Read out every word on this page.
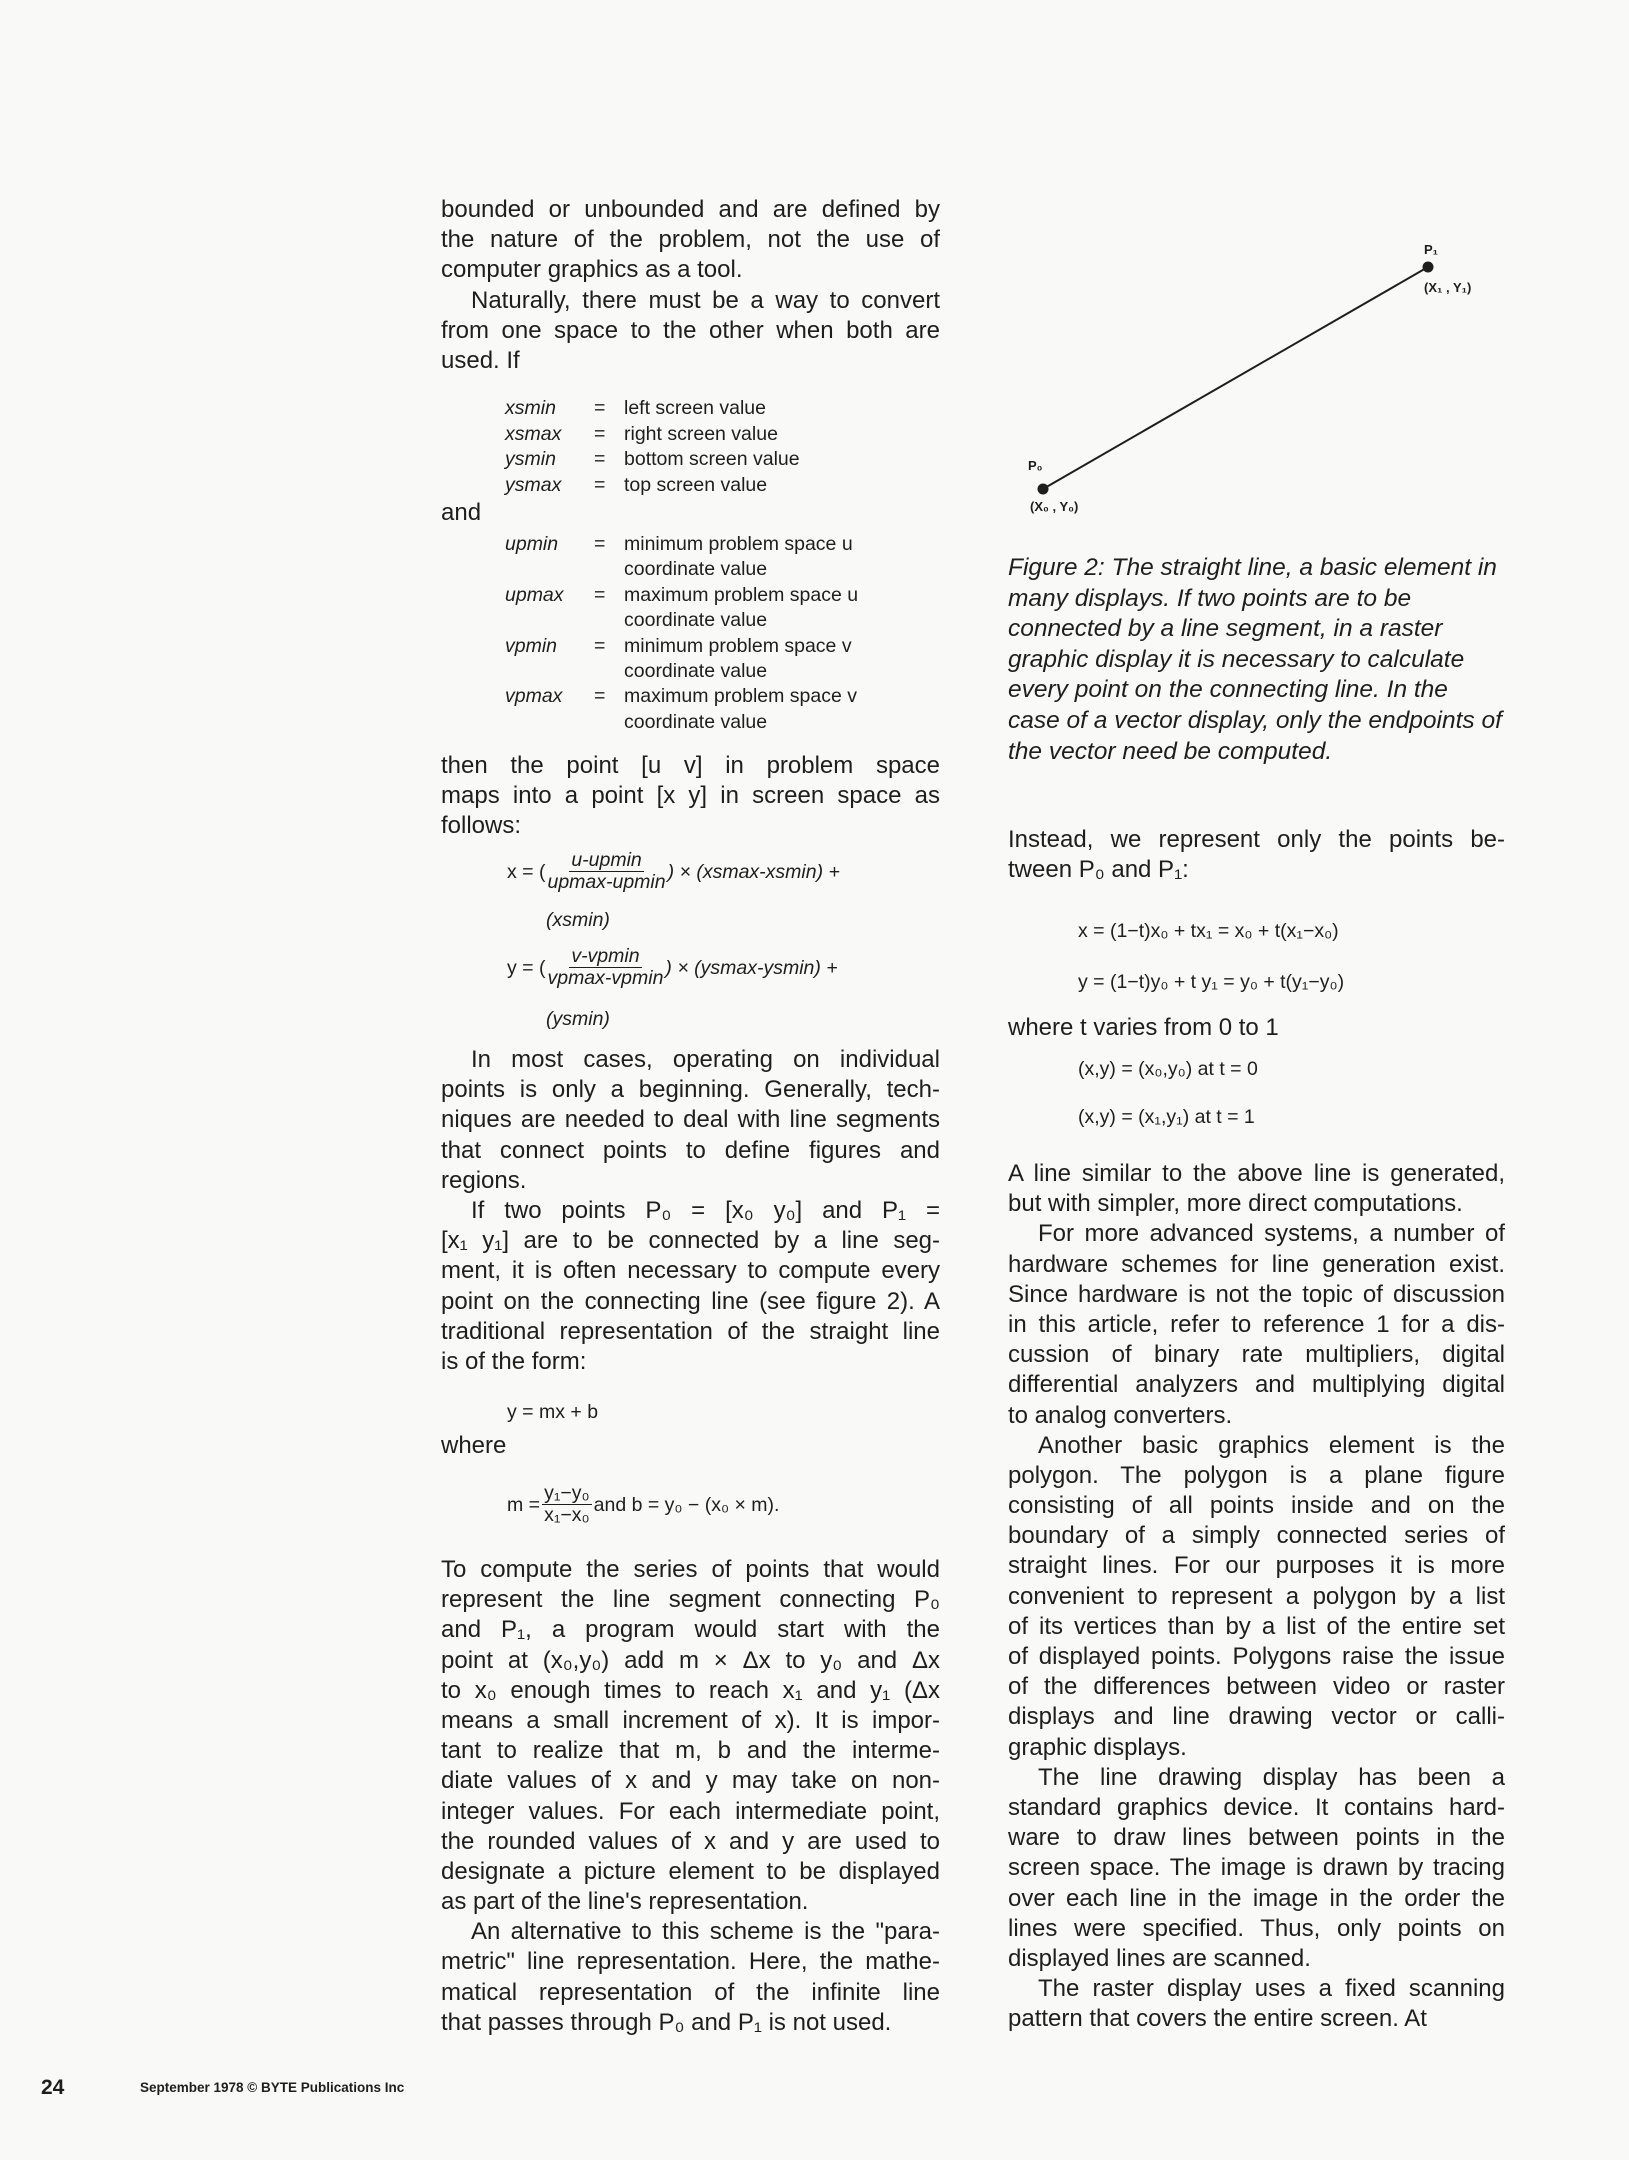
bounded or unbounded and are defined by
the nature of the problem, not the use of
computer graphics as a tool.
Naturally, there must be a way to convert
from one space to the other when both are
used. If
xsmin = left screen value
xsmax = right screen value
ysmin = bottom screen value
ysmax = top screen value
and
upmin = minimum problem space u
coordinate value
upmax = maximum problem space u
coordinate value
vpmin = minimum problem space v
coordinate value
vpmax = maximum problem space v
coordinate value
then the point [u v] in problem space
maps into a point [x y] in screen space as
follows:
x = ( $\frac{u-upmin}{upmax-upmin}$ ) × (xsmax-xsmin) +
(xsmin)
y = ( $\frac{v-vpmin}{vpmax-vpmin}$ ) × (ysmax-ysmin) +
(ysmin)
In most cases, operating on individual
points is only a beginning. Generally, tech-
niques are needed to deal with line segments
that connect points to define figures and
regions.
If two points P₀ = [x₀ y₀] and P₁ =
[x₁ y₁] are to be connected by a line seg-
ment, it is often necessary to compute every
point on the connecting line (see figure 2). A
traditional representation of the straight line
is of the form:
y = mx + b
where
$m = \frac{\text{y₁−y₀}}{\text{x₁−x₀}}$ and b = y₀ − (x₀ × m).
To compute the series of points that would
represent the line segment connecting P₀
and P₁, a program would start with the
point at (x₀,y₀) add m × Δx to y₀ and Δx
to x₀ enough times to reach x₁ and y₁ (Δx
means a small increment of x). It is impor-
tant to realize that m, b and the interme-
diate values of x and y may take on non-
integer values. For each intermediate point,
the rounded values of x and y are used to
designate a picture element to be displayed
as part of the line's representation.
An alternative to this scheme is the "para-
metric" line representation. Here, the mathe-
matical representation of the infinite line
that passes through P₀ and P₁ is not used.
P₀
(X₀ , Y₀)
P₁
(X₁ , Y₁)
Figure 2: The straight line, a basic element in many displays. If two points are to be connected by a line segment, in a raster graphic display it is necessary to calculate every point on the connecting line. In the case of a vector display, only the endpoints of the vector need be computed.
Instead, we represent only the points be-
tween P₀ and P₁:
x = (1−t)x₀ + tx₁ = x₀ + t(x₁−x₀)
y = (1−t)y₀ + t y₁ = y₀ + t(y₁−y₀)
where t varies from 0 to 1
(x,y) = (x₀,y₀) at t = 0
(x,y) = (x₁,y₁) at t = 1
A line similar to the above line is generated,
but with simpler, more direct computations.
For more advanced systems, a number of
hardware schemes for line generation exist.
Since hardware is not the topic of discussion
in this article, refer to reference 1 for a dis-
cussion of binary rate multipliers, digital
differential analyzers and multiplying digital
to analog converters.
Another basic graphics element is the
polygon. The polygon is a plane figure
consisting of all points inside and on the
boundary of a simply connected series of
straight lines. For our purposes it is more
convenient to represent a polygon by a list
of its vertices than by a list of the entire set
of displayed points. Polygons raise the issue
of the differences between video or raster
displays and line drawing vector or calli-
graphic displays.
The line drawing display has been a
standard graphics device. It contains hard-
ware to draw lines between points in the
screen space. The image is drawn by tracing
over each line in the image in the order the
lines were specified. Thus, only points on
displayed lines are scanned.
The raster display uses a fixed scanning
pattern that covers the entire screen. At
24	September 1978 © BYTE Publications Inc
